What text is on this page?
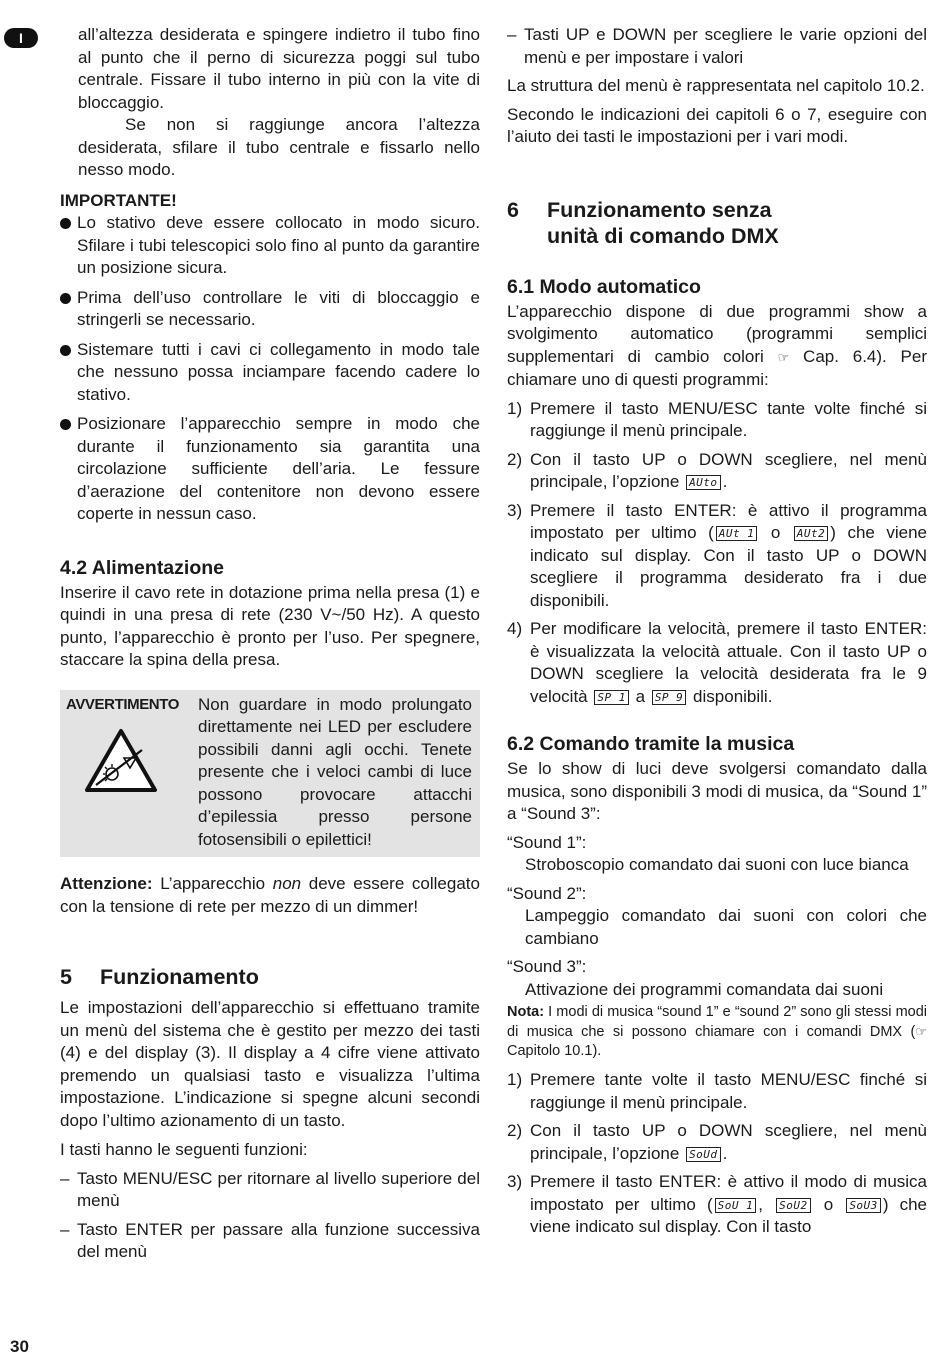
I	all’altezza desiderata e spingere indietro il tubo fino al punto che il perno di sicurezza poggi sul tubo centrale. Fissare il tubo interno in più con la vite di bloccaggio.

Se non si raggiunge ancora l’altezza desiderata, sfilare il tubo centrale e fissarlo nello nesso modo.

IMPORTANTE!
Lo stativo deve essere collocato in modo sicuro. Sfilare i tubi telescopici solo fino al punto da garantire un posizione sicura.
Prima dell’uso controllare le viti di bloccaggio e stringerli se necessario.
Sistemare tutti i cavi ci collegamento in modo tale che nessuno possa inciampare facendo cadere lo stativo.
Posizionare l’apparecchio sempre in modo che durante il funzionamento sia garantita una circolazione sufficiente dell’aria. Le fessure d’aerazione del contenitore non devono essere coperte in nessun caso.
4.2 Alimentazione

Inserire il cavo rete in dotazione prima nella presa (1) e quindi in una presa di rete (230 V~/50 Hz). A questo punto, l’apparecchio è pronto per l’uso. Per spegnere, staccare la spina della presa.

AVVERTIMENTO	Non guardare in modo prolungato direttamente nei LED per escludere possibili danni agli occhi. Tenete presente che i veloci cambi di luce possono provocare attacchi d’epilessia presso persone fotosensibili o epilettici!

Attenzione: L’apparecchio non deve essere collegato con la tensione di rete per mezzo di un dimmer!

5	Funzionamento

Le impostazioni dell’apparecchio si effettuano tramite un menù del sistema che è gestito per mezzo dei tasti (4) e del display (3). Il display a 4 cifre viene attivato premendo un qualsiasi tasto e visualizza l’ultima impostazione. L’indicazione si spegne alcuni secondi dopo l’ultimo azionamento di un tasto.

I tasti hanno le seguenti funzioni:

– Tasto MENU/ESC per ritornare al livello superiore del menù
– Tasto ENTER per passare alla funzione successiva del menù
– Tasti UP e DOWN per scegliere le varie opzioni del menù e per impostare i valori

La struttura del menù è rappresentata nel capitolo 10.2.

Secondo le indicazioni dei capitoli 6 o 7, eseguire con l’aiuto dei tasti le impostazioni per i vari modi.

6	Funzionamento senza
unità di comando DMX
6.1 Modo automatico

L’apparecchio dispone di due programmi show a svolgimento automatico (programmi semplici supplementari di cambio colori ☞ Cap. 6.4). Per chiamare uno di questi programmi:

1) Premere il tasto MENU/ESC tante volte finché si raggiunge il menù principale.
2) Con il tasto UP o DOWN scegliere, nel menù principale, l’opzione AUto .
3) Premere il tasto ENTER: è attivo il programma impostato per ultimo ( AUt 1 o AUt2 ) che viene indicato sul display. Con il tasto UP o DOWN scegliere il programma desiderato fra i due disponibili.
4) Per modificare la velocità, premere il tasto ENTER: è visualizzata la velocità attuale. Con il tasto UP o DOWN scegliere la velocità desiderata fra le 9 velocità SP 1 a SP 9 disponibili.
6.2 Comando tramite la musica

Se lo show di luci deve svolgersi comandato dalla musica, sono disponibili 3 modi di musica, da “Sound 1” a “Sound 3”:

“Sound 1”:

Stroboscopio comandato dai suoni con luce bianca

“Sound 2”:

Lampeggio comandato dai suoni con colori che cambiano

“Sound 3”:

Attivazione dei programmi comandata dai suoni

Nota: I modi di musica “sound 1” e “sound 2” sono gli stessi modi di musica che si possono chiamare con i comandi DMX (☞ Capitolo 10.1).

1) Premere tante volte il tasto MENU/ESC finché si raggiunge il menù principale.
2) Con il tasto UP o DOWN scegliere, nel menù principale, l’opzione SoUd .
3) Premere il tasto ENTER: è attivo il modo di musica impostato per ultimo ( SoU 1 , SoU2 o SoU3 ) che viene indicato sul display. Con il tasto
30
